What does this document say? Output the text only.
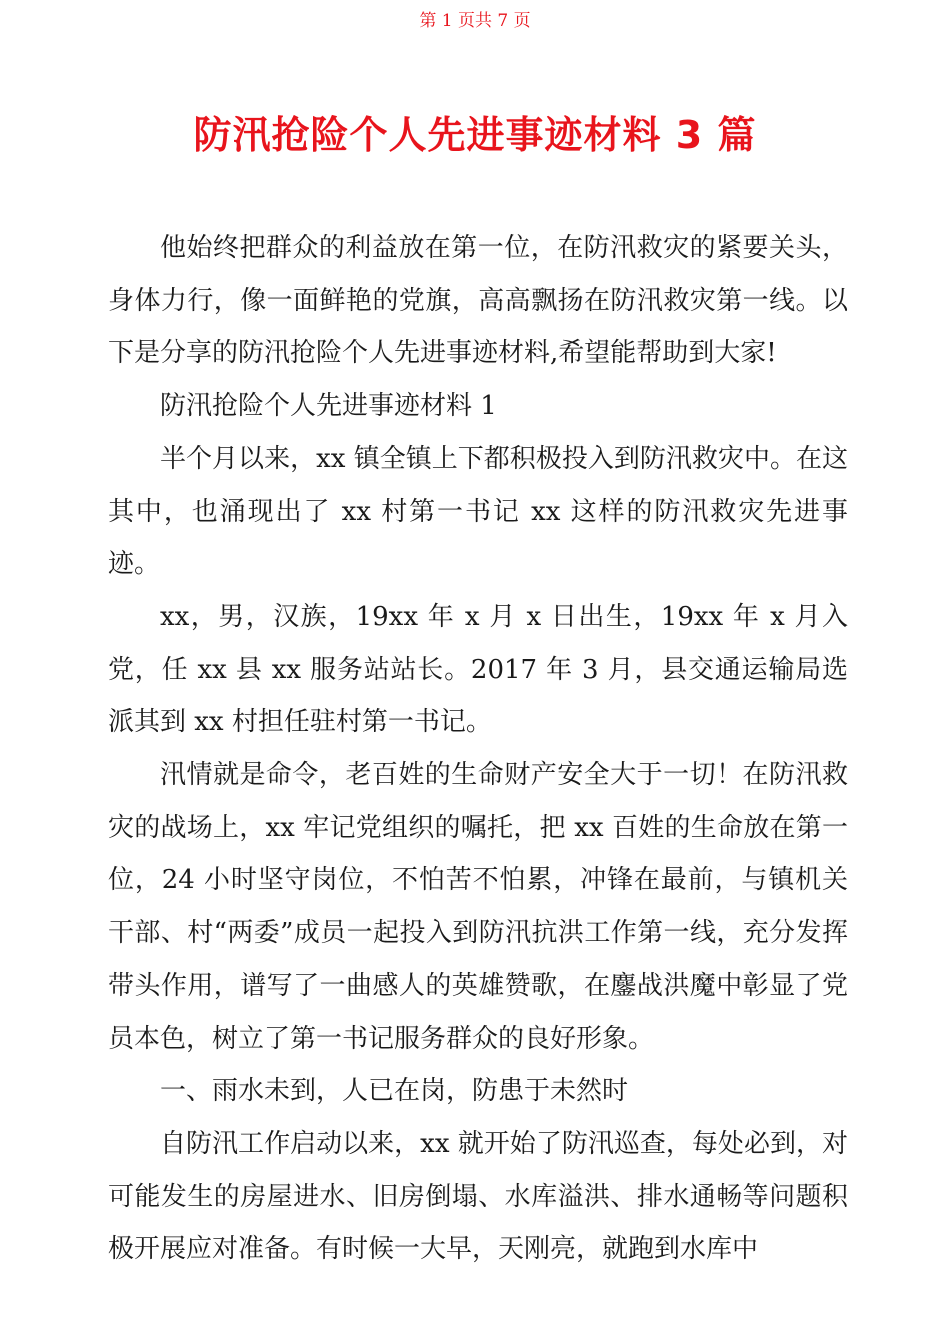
第 1 页共 7 页
防汛抢险个人先进事迹材料 3 篇

他始终把群众的利益放在第一位，在防汛救灾的紧要关头，身体力行，像一面鲜艳的党旗，高高飘扬在防汛救灾第一线。以下是分享的防汛抢险个人先进事迹材料,希望能帮助到大家!

防汛抢险个人先进事迹材料 1

半个月以来，xx 镇全镇上下都积极投入到防汛救灾中。在这其中，也涌现出了 xx 村第一书记 xx 这样的防汛救灾先进事迹。

xx，男，汉族，19xx 年 x 月 x 日出生，19xx 年 x 月入党，任 xx 县 xx 服务站站长。2017 年 3 月，县交通运输局选派其到 xx 村担任驻村第一书记。

汛情就是命令，老百姓的生命财产安全大于一切！在防汛救灾的战场上，xx 牢记党组织的嘱托，把 xx 百姓的生命放在第一位，24 小时坚守岗位，不怕苦不怕累，冲锋在最前，与镇机关干部、村“两委”成员一起投入到防汛抗洪工作第一线，充分发挥带头作用，谱写了一曲感人的英雄赞歌，在鏖战洪魔中彰显了党员本色，树立了第一书记服务群众的良好形象。

一、雨水未到，人已在岗，防患于未然时

自防汛工作启动以来，xx 就开始了防汛巡查，每处必到，对可能发生的房屋进水、旧房倒塌、水库溢洪、排水通畅等问题积极开展应对准备。有时候一大早，天刚亮，就跑到水库中
